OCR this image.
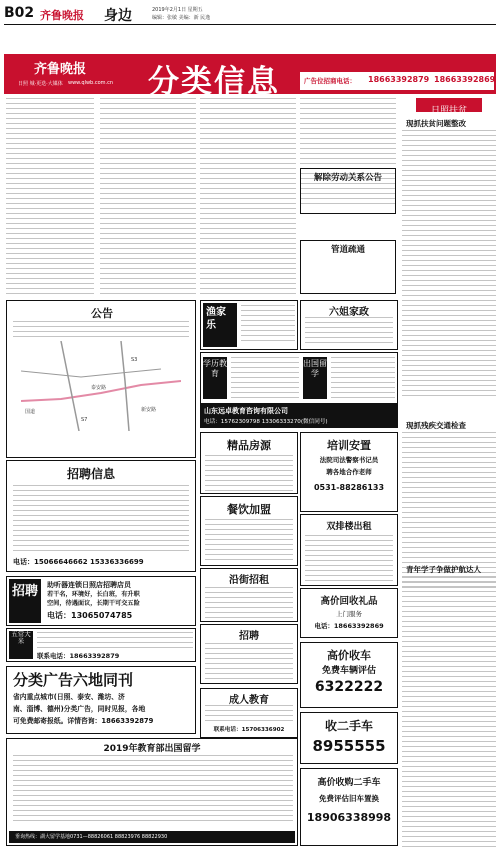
B02 齐鲁晚报 身边	2019年2月1日 星期五
编辑：张敏 美编：新 民逸
齐鲁晚报
日照 城·更迭·大媒体 www.qlwb.com.cn 分类信息	广告位招商电话： 18663392879 18663392869
解除劳动关系公告
管道疏通
日照扶贫
现抓扶贫问题整改
现抓残疾交通检查
青年学子争做护航达人
公告
国道
泰安路
S3
S7
新安路
渔家乐
六姐家政
学历教育
出国留学
山东远卓教育咨询有限公司
电话：15762309798 13306333270(微信同号)
招聘信息
电话：15066646662 15336336699
精品房源	培训安置
法院司法警察书记员
聘各地合作老师
0531-88286133
餐饮加盟
双排楼出租
招聘	助听器连锁日照店招聘店员
若干名，环境好，长白班，有升职
空间，待遇面议，长期干可交五险
电话：13065074785
沿街招租
高价回收礼品
上门服务
电话：18663392869
五常大米
联系电话：18663392879
招聘
高价收车
免费车辆评估
6322222
分类广告六地同刊
省内重点城市(日照、泰安、潍坊、济
南、淄博、德州)分类广告，同时见报，各地
可免费邮寄报纸。详情咨询：18663392879
成人教育
联系电话：15706336902	收二手车
8955555
2019年教育部出国留学
垂询热线：湖大留学基地0731—88826061 88823976 88822930
高价收购二手车
免费评估旧车置换
18906338998
